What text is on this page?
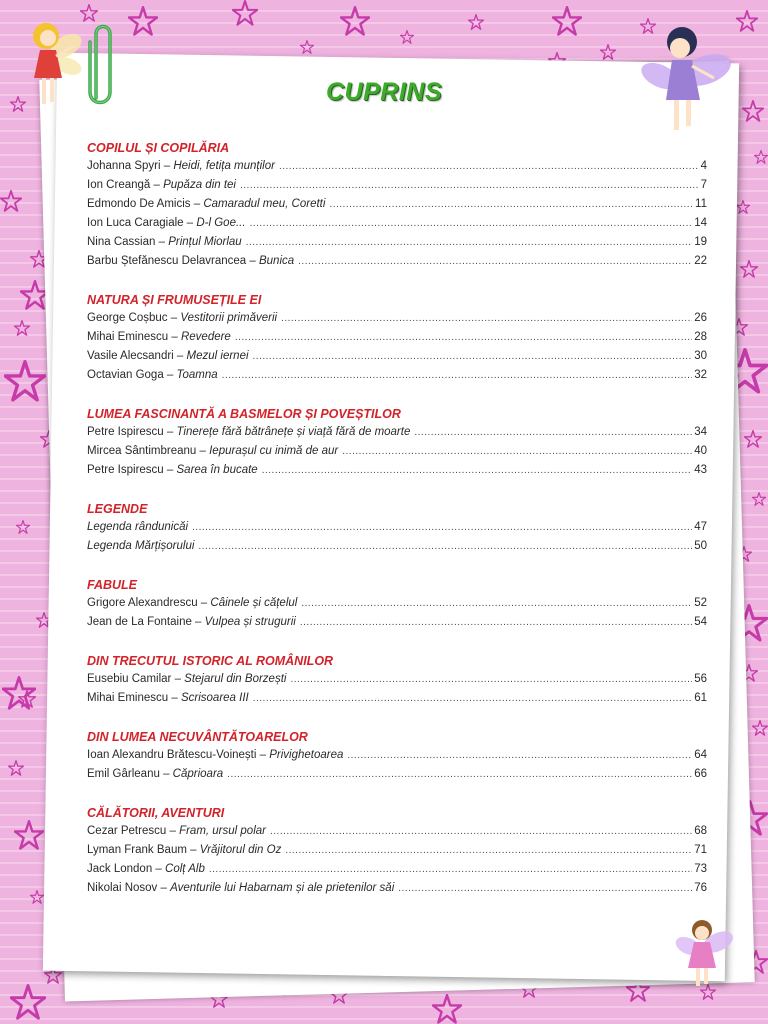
CUPRINS
COPILUL ȘI COPILĂRIA
Johanna Spyri – Heidi, fetița munților .....	4
Ion Creangă – Pupăza din tei .....	7
Edmondo De Amicis – Camaradul meu, Coretti .....	11
Ion Luca Caragiale – D-l Goe... .....	14
Nina Cassian – Prințul Miorlau .....	19
Barbu Ștefănescu Delavrancea – Bunica .....	22
NATURA ȘI FRUMUSEȚILE EI
George Coșbuc – Vestitorii primăverii .....	26
Mihai Eminescu – Revedere .....	28
Vasile Alecsandri – Mezul iernei .....	30
Octavian Goga – Toamna .....	32
LUMEA FASCINANTĂ A BASMELOR ȘI POVEȘTILOR
Petre Ispirescu – Tinerețe fără bătrânețe și viață fără de moarte .....	34
Mircea Sântimbreanu – Iepurașul cu inimă de aur .....	40
Petre Ispirescu – Sarea în bucate .....	43
LEGENDE
Legenda rândunicăi .....	47
Legenda Mărțișorului .....	50
FABULE
Grigore Alexandrescu – Câinele și cățelul .....	52
Jean de La Fontaine – Vulpea și strugurii .....	54
DIN TRECUTUL ISTORIC AL ROMÂNILOR
Eusebiu Camilar – Stejarul din Borzești .....	56
Mihai Eminescu – Scrisoarea III .....	61
DIN LUMEA NECUVÂNTĂTOARELOR
Ioan Alexandru Brătescu-Voinești – Privighetoarea .....	64
Emil Gârleanu – Căprioara .....	66
CĂLĂTORII, AVENTURI
Cezar Petrescu – Fram, ursul polar .....	68
Lyman Frank Baum – Vrăjitorul din Oz .....	71
Jack London – Colț Alb .....	73
Nikolai Nosov – Aventurile lui Habarnam și ale prietenilor săi .....	76
